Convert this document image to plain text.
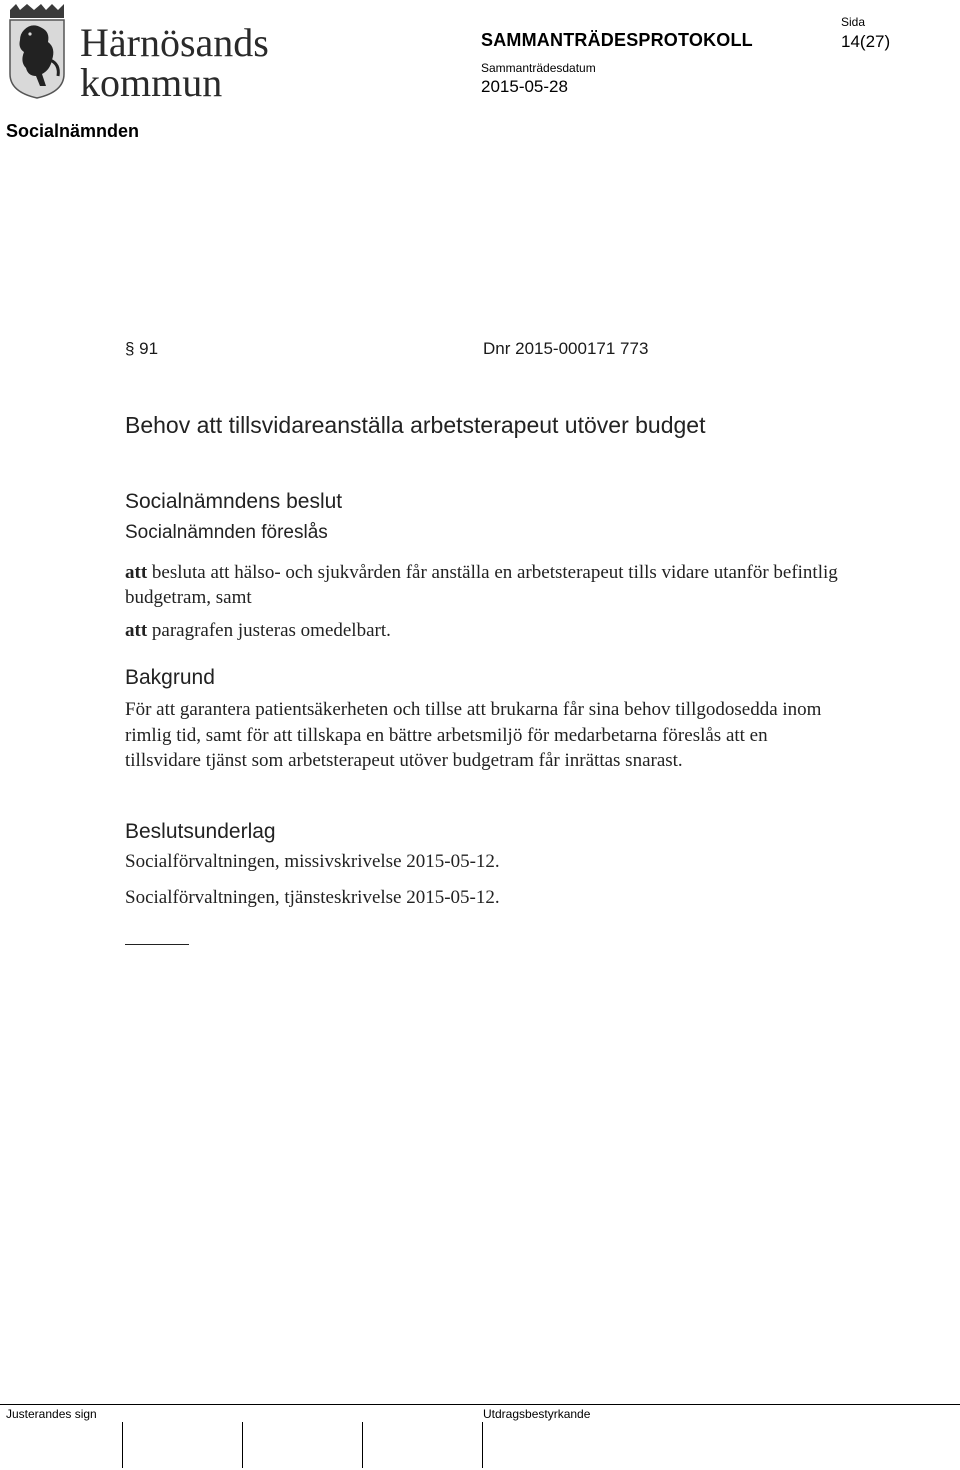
Härnösands
kommun
SAMMANTRÄDESPROTOKOLL
Sammanträdesdatum
2015-05-28
Sida
14(27)
Socialnämnden
§ 91	Dnr 2015-000171 773
Behov att tillsvidareanställa arbetsterapeut utöver budget
Socialnämndens beslut
Socialnämnden föreslås
att besluta att hälso- och sjukvården får anställa en arbetsterapeut tills vidare utanför befintlig budgetram, samt
att paragrafen justeras omedelbart.
Bakgrund
För att garantera patientsäkerheten och tillse att brukarna får sina behov tillgodosedda inom rimlig tid, samt för att tillskapa en bättre arbetsmiljö för medarbetarna föreslås att en tillsvidare tjänst som arbetsterapeut utöver budgetram får inrättas snarast.
Beslutsunderlag
Socialförvaltningen, missivskrivelse 2015-05-12.
Socialförvaltningen, tjänsteskrivelse 2015-05-12.
Justerandes sign	Utdragsbestyrkande
